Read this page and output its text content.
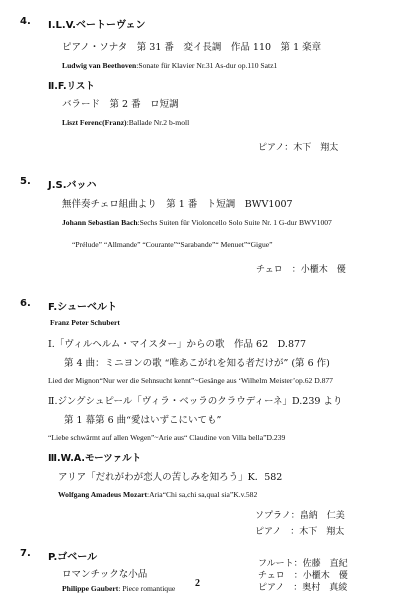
4. Ⅰ.L.V.ベートーヴェン
ピアノ・ソナタ　第 31 番　変イ長調　作品 110　第 1 楽章
Ludwig van Beethoven:Sonate für Klavier Nr.31 As-dur op.110 Satz1
Ⅱ.F.リスト
バラード　第 2 番　ロ短調
Liszt Ferenc(Franz):Ballade Nr.2 b-moll
ピアノ：木下　翔太
5. J.S.バッハ
無伴奏チェロ組曲より　第 1 番　ト短調　BWV1007
Johann Sebastian Bach:Sechs Suiten für Violoncello Solo Suite Nr. 1 G-dur BWV1007
“Prélude” “Allmande” “Courante”“Sarabande”“ Menuet”“Gigue”
チェロ　：小櫃木　優
6. F.シューベルト
Franz Peter Schubert
Ⅰ.「ヴィルヘルム・マイスター」からの歌　作品 62　D.877
第 4 曲：ミニヨンの歌 “唯あこがれを知る者だけが” (第 6 作)
Lied der Mignon“Nur wer die Sehnsucht kennt”~Gesänge aus ‘Wilhelm Meister’op.62 D.877
Ⅱ.ジングシュピール「ヴィラ・ベッラのクラウディーネ」D.239 より
第 1 幕第 6 曲“愛はいずこにいても”
“Liebe schwärmt auf allen Wegen”~Arie aus“ Claudine von Villa bella”D.239
Ⅲ.W.A.モーツァルト
アリア「だれがわが恋人の苦しみを知ろう」K．582
Wolfgang Amadeus Mozart:Aria“Chi sa,chi sa,qual sia”K.v.582
ソプラノ：畠納　仁美
ピアノ　：木下　翔太
7. P.ゴベール
ロマンチックな小品
Philippe Gaubert: Piece romantique
フルート：佐藤　直紀
チェロ　：小櫃木　優
ピアノ　：奥村　真綾
2
